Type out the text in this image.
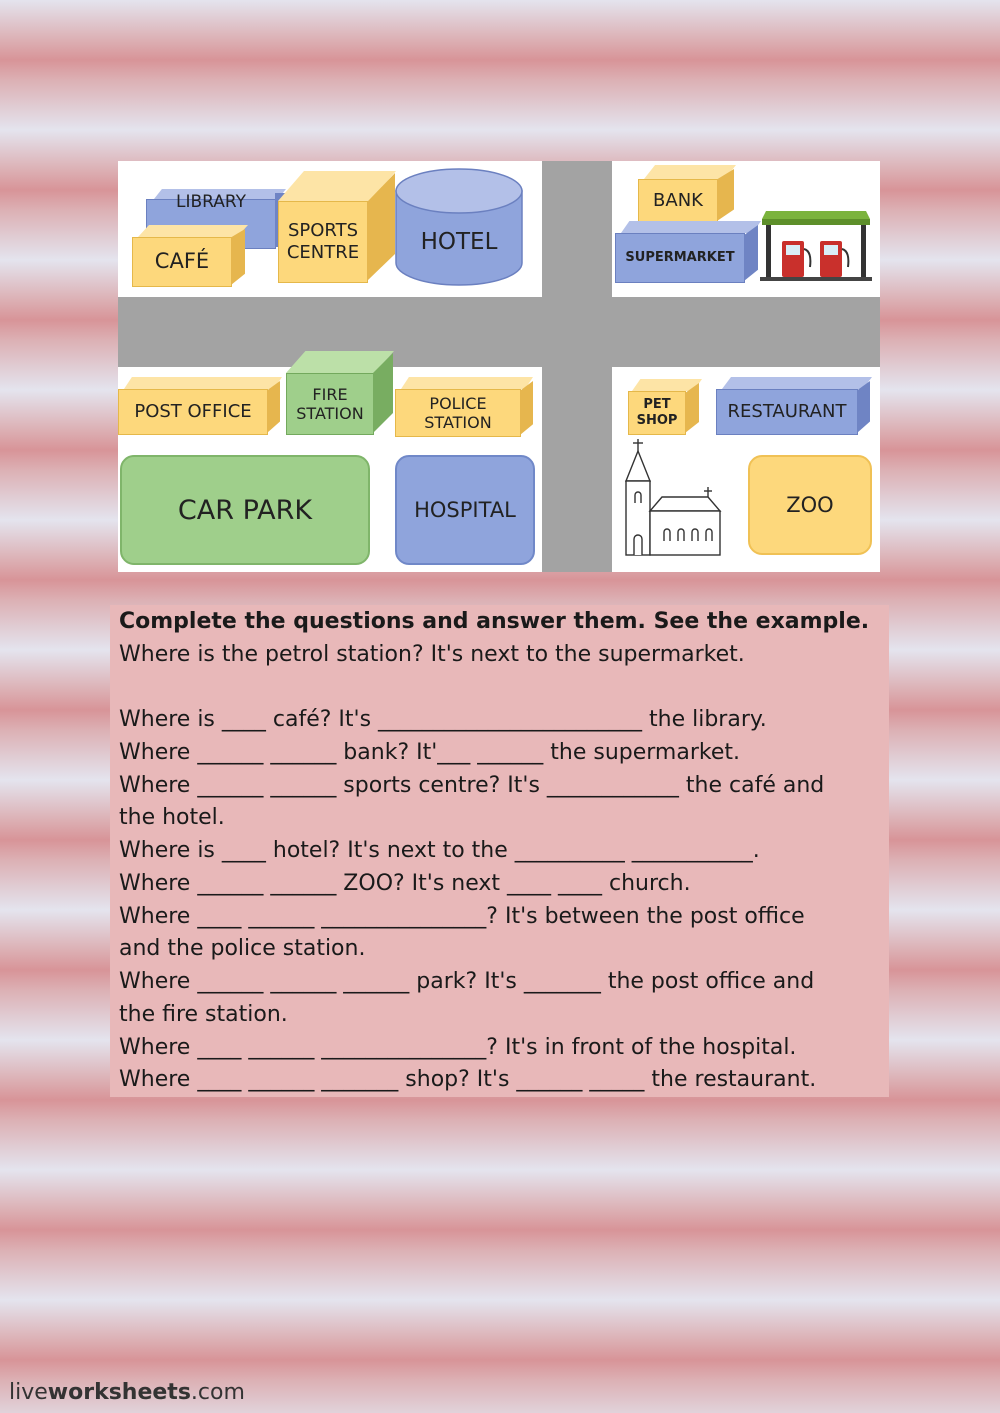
LIBRARY
CAFÉ
SPORTS
CENTRE	HOTEL
BANK
SUPERMARKET
POST OFFICE
FIRE
STATION
POLICE
STATION
CAR PARK	HOSPITAL
PET
SHOP	RESTAURANT
ZOO
Complete the questions and answer them. See the example.
Where is the petrol station? It's next to the supermarket.
Where is ____ café? It's ________________________ the library.
Where ______ ______ bank? It'___ ______ the supermarket.
Where ______ ______ sports centre? It's ____________ the café and
the hotel.
Where is ____ hotel? It's next to the __________ ___________.
Where ______ ______ ZOO? It's next ____ ____ church.
Where ____ ______ _______________? It's between the post office
and the police station.
Where ______ ______ ______ park? It's _______ the post office and
the fire station.
Where ____ ______ _______________? It's in front of the hospital.
Where ____ ______ _______ shop? It's ______ _____ the restaurant.
liveworksheets.com
